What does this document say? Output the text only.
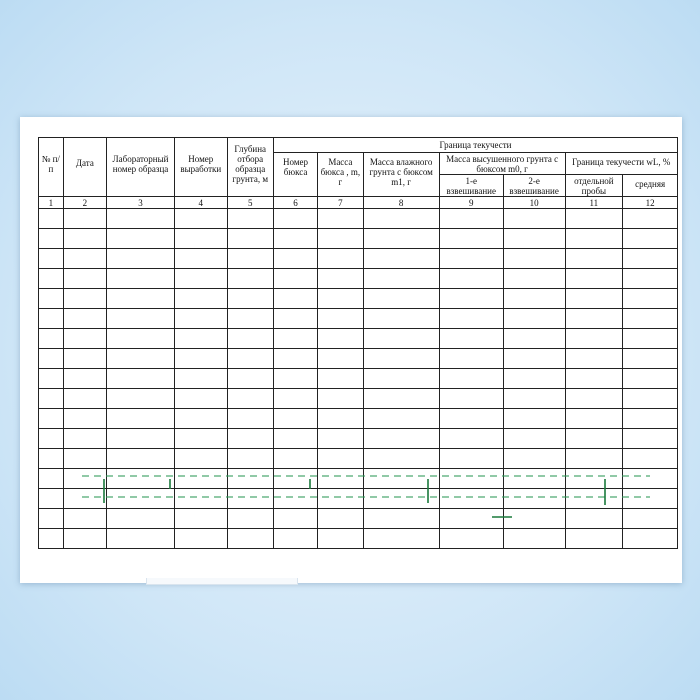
№ п/п	Дата	Лабораторный номер образца	Номер выработки	Глубина отбора образца грунта, м	Граница текучести						

					Номер бюкса	Масса бюкса , m, г	Масса влажного грунта с бюксом m1, г	Масса высушенного грунта с бюксом m0, г		Граница текучести wL, %	

								1-е взвешивание	2-е взвешивание	отдельной пробы	средняя

1	2	3	4	5	6	7	8	9	10	11	12
